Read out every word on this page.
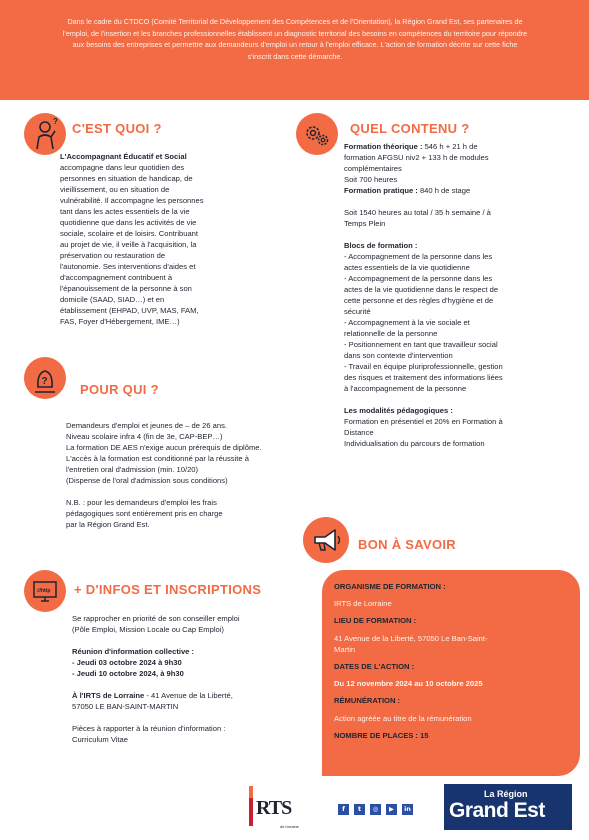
Dans le cadre du CTDCO (Comité Territorial de Développement des Compétences et de l'Orientation), la Région Grand Est, ses partenaires de l'emploi, de l'insertion et les branches professionnelles établissent un diagnostic territorial des besoins en compétences du territoire pour répondre aux besoins des entreprises et permettre aux demandeurs d'emploi un retour à l'emploi efficace. L'action de formation décrite sur cette fiche s'inscrit dans cette démarche.

? C'EST QUOI ?
L'Accompagnant Éducatif et Social
accompagne dans leur quotidien des
personnes en situation de handicap, de
vieillissement, ou en situation de
vulnérabilité. Il accompagne les personnes
tant dans les actes essentiels de la vie
quotidienne que dans les activités de vie
sociale, scolaire et de loisirs. Contribuant
au projet de vie, il veille à l'acquisition, la
préservation ou restauration de
l'autonomie. Ses interventions d'aides et
d'accompagnement contribuent à
l'épanouissement de la personne à son
domicile (SAAD, SIAD…) et en
établissement (EHPAD, UVP, MAS, FAM,
FAS, Foyer d'Hébergement, IME…)
?
POUR QUI ?
Demandeurs d'emploi et jeunes de – de 26 ans.
Niveau scolaire infra 4 (fin de 3e, CAP-BEP…)
La formation DE AES n'exige aucun prérequis de diplôme.
L'accès à la formation est conditionné par la réussite à
l'entretien oral d'admission (min. 10/20)
(Dispense de l'oral d'admission sous conditions)
N.B. : pour les demandeurs d'emploi les frais
pédagogiques sont entièrement pris en charge
par la Région Grand Est.
://http + D'INFOS ET INSCRIPTIONS
Se rapprocher en priorité de son conseiller emploi
(Pôle Emploi, Mission Locale ou Cap Emploi)
Réunion d'information collective :
- Jeudi 03 octobre 2024 à 9h30
- Jeudi 10 octobre 2024, à 9h30
À l'IRTS de Lorraine - 41 Avenue de la Liberté,
57050 LE BAN-SAINT-MARTIN
Pièces à rapporter à la réunion d'information :
Curriculum Vitae
QUEL CONTENU ?
Formation théorique : 546 h + 21 h de
formation AFGSU niv2 + 133 h de modules
complémentaires
Soit 700 heures
Formation pratique : 840 h de stage
Soit 1540 heures au total / 35 h semaine / à
Temps Plein
Blocs de formation :
- Accompagnement de la personne dans les
actes essentiels de la vie quotidienne
- Accompagnement de la personne dans les
actes de la vie quotidienne dans le respect de
cette personne et des règles d'hygiène et de
sécurité
- Accompagnement à la vie sociale et
relationnelle de la personne
- Positionnement en tant que travailleur social
dans son contexte d'intervention
- Travail en équipe pluriprofessionnelle, gestion
des risques et traitement des informations liées
à l'accompagnement de la personne
Les modalités pédagogiques :
Formation en présentiel et 20% en Formation à
Distance
Individualisation du parcours de formation
BON À SAVOIR
ORGANISME DE FORMATION :
IRTS de Lorraine
LIEU DE FORMATION :
41 Avenue de la Liberté, 57050 Le Ban-Saint-
Martin
DATES DE L'ACTION :
Du 12 novembre 2024 au 10 octobre 2025
RÉMUNÉRATION :
Action agréée au titre de la rémunération
NOMBRE DE PLACES : 15
RTS
de lorraine
f	t	◎	▶	in
La Région
Grand Est
